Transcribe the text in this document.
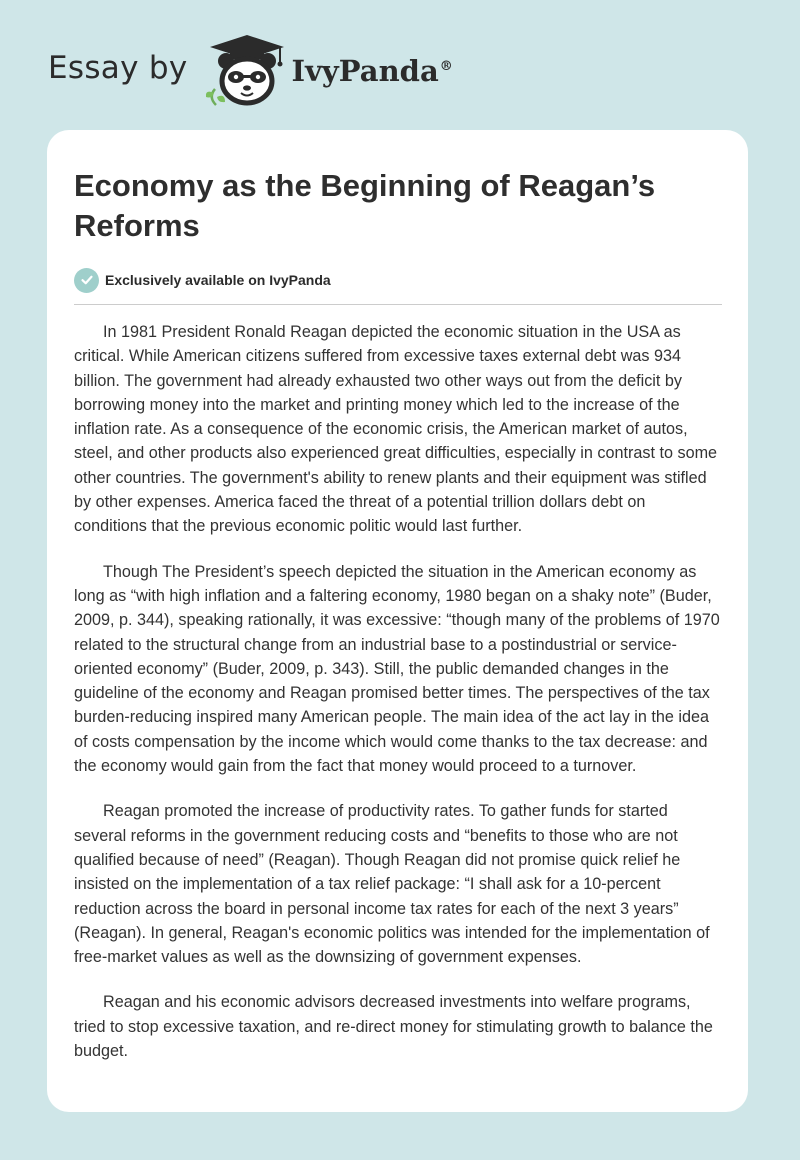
Essay by	IvyPanda®
Economy as the Beginning of Reagan’s Reforms
Exclusively available on IvyPanda

In 1981 President Ronald Reagan depicted the economic situation in the USA as critical. While American citizens suffered from excessive taxes external debt was 934 billion. The government had already exhausted two other ways out from the deficit by borrowing money into the market and printing money which led to the increase of the inflation rate. As a consequence of the economic crisis, the American market of autos, steel, and other products also experienced great difficulties, especially in contrast to some other countries. The government's ability to renew plants and their equipment was stifled by other expenses. America faced the threat of a potential trillion dollars debt on conditions that the previous economic politic would last further.

Though The President’s speech depicted the situation in the American economy as long as “with high inflation and a faltering economy, 1980 began on a shaky note” (Buder, 2009, p. 344), speaking rationally, it was excessive: “though many of the problems of 1970 related to the structural change from an industrial base to a postindustrial or service-oriented economy” (Buder, 2009, p. 343). Still, the public demanded changes in the guideline of the economy and Reagan promised better times. The perspectives of the tax burden-reducing inspired many American people. The main idea of the act lay in the idea of costs compensation by the income which would come thanks to the tax decrease: and the economy would gain from the fact that money would proceed to a turnover.

Reagan promoted the increase of productivity rates. To gather funds for started several reforms in the government reducing costs and “benefits to those who are not qualified because of need” (Reagan). Though Reagan did not promise quick relief he insisted on the implementation of a tax relief package: “I shall ask for a 10-percent reduction across the board in personal income tax rates for each of the next 3 years” (Reagan). In general, Reagan's economic politics was intended for the implementation of free-market values as well as the downsizing of government expenses.

Reagan and his economic advisors decreased investments into welfare programs, tried to stop excessive taxation, and re-direct money for stimulating growth to balance the budget.
